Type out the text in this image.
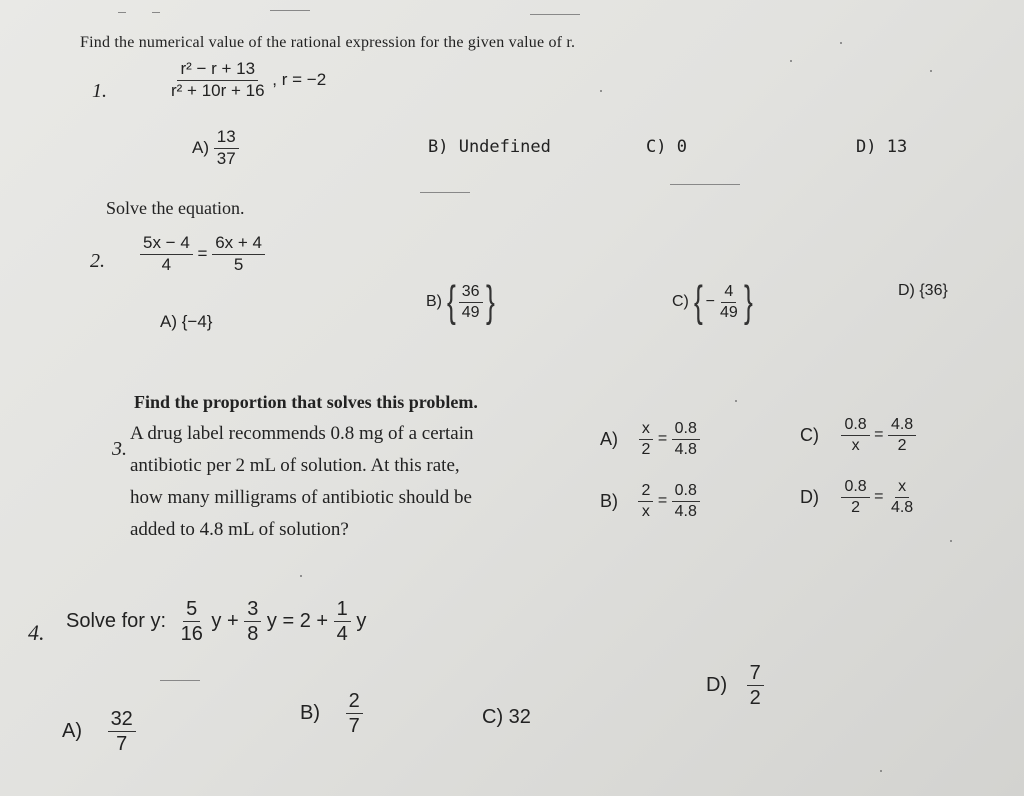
Find the numerical value of the rational expression for the given value of r.
1.	$\frac{\text{r² − r + 13}}{\text{r² + 10r + 16}}$ , r = −2
$A) \frac{13}{37}$	B) Undefined	C) 0	D) 13
Solve the equation.
2. $\frac{5x - 4}{4} = \frac{6x + 4}{5}$
A) {−4}
B) { $\frac{36}{49}$ }	C) { − $\frac{4}{49}$ }	D) {36}
Find the proportion that solves this problem.
3.
A drug label recommends 0.8 mg of a certain
antibiotic per 2 mL of solution. At this rate,
how many milligrams of antibiotic should be
added to 4.8 mL of solution?
$A) \frac{x}{2} = \frac{0.8}{4.8}$
$B) \frac{2}{x} = \frac{0.8}{4.8}$
$C) \frac{0.8}{x} = \frac{4.8}{2}$
$D) \frac{0.8}{2} = \frac{x}{4.8}$
4. Solve for y: $\frac{5}{16}$ $y + \frac{3}{8}$ $y = 2 + \frac{1}{4}$ y
$A) \frac{32}{7}$	$B) \frac{2}{7}$	C) 32
$D) \frac{7}{2}$
